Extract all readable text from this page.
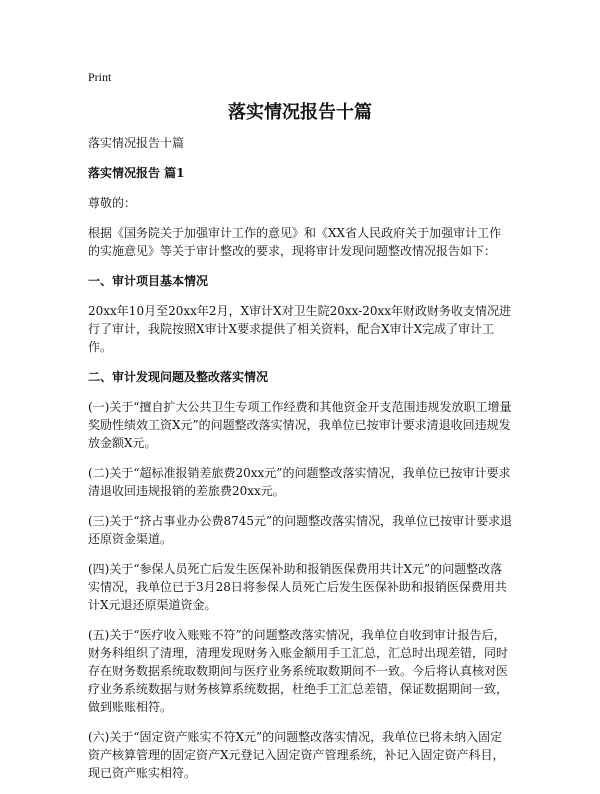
Print
落实情况报告十篇

落实情况报告十篇

落实情况报告 篇1

尊敬的：

根据《国务院关于加强审计工作的意见》和《XX省人民政府关于加强审计工作的实施意见》等关于审计整改的要求，现将审计发现问题整改情况报告如下：

一、审计项目基本情况

20xx年10月至20xx年2月，X审计X对卫生院20xx-20xx年财政财务收支情况进行了审计，我院按照X审计X要求提供了相关资料，配合X审计X完成了审计工作。

二、审计发现问题及整改落实情况

(一)关于“擅自扩大公共卫生专项工作经费和其他资金开支范围违规发放职工增量奖励性绩效工资X元”的问题整改落实情况，我单位已按审计要求清退收回违规发放金额X元。

(二)关于“超标准报销差旅费20xx元”的问题整改落实情况，我单位已按审计要求清退收回违规报销的差旅费20xx元。

(三)关于“挤占事业办公费8745元”的问题整改落实情况，我单位已按审计要求退还原资金渠道。

(四)关于“参保人员死亡后发生医保补助和报销医保费用共计X元”的问题整改落实情况，我单位已于3月28日将参保人员死亡后发生医保补助和报销医保费用共计X元退还原渠道资金。

(五)关于“医疗收入账账不符”的问题整改落实情况，我单位自收到审计报告后，财务科组织了清理，清理发现财务入账金额用手工汇总，汇总时出现差错，同时存在财务数据系统取数期间与医疗业务系统取数期间不一致。今后将认真核对医疗业务系统数据与财务核算系统数据，杜绝手工汇总差错，保证数据期间一致，做到账账相符。

(六)关于“固定资产账实不符X元”的问题整改落实情况，我单位已将未纳入固定资产核算管理的固定资产X元登记入固定资产管理系统，补记入固定资产科目，现已资产账实相符。
